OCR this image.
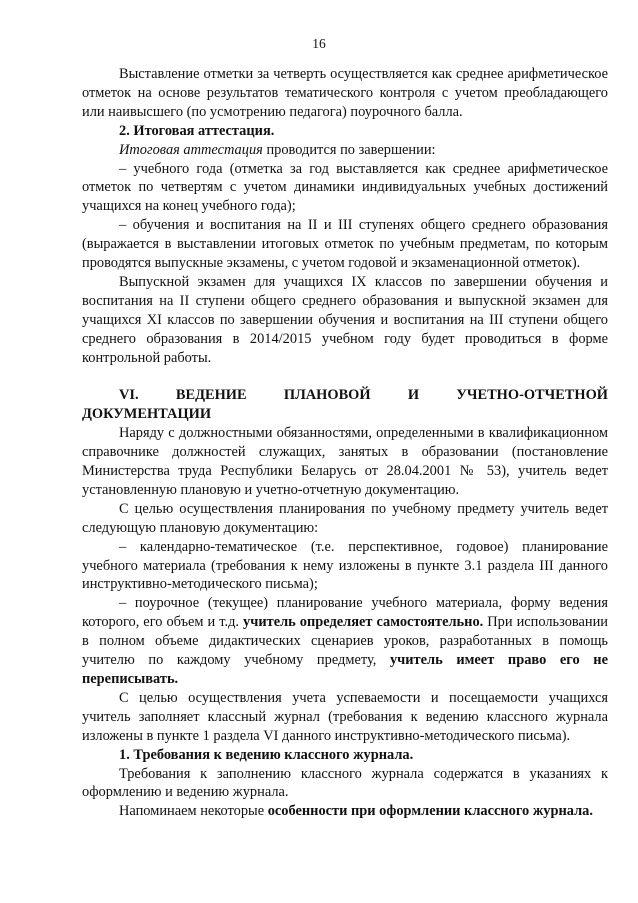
16

Выставление отметки за четверть осуществляется как среднее арифметическое отметок на основе результатов тематического контроля с учетом преобладающего или наивысшего (по усмотрению педагога) поурочного балла.

2. Итоговая аттестация.

Итоговая аттестация проводится по завершении:

– учебного года (отметка за год выставляется как среднее арифметическое отметок по четвертям с учетом динамики индивидуальных учебных достижений учащихся на конец учебного года);

– обучения и воспитания на II и III ступенях общего среднего образования (выражается в выставлении итоговых отметок по учебным предметам, по которым проводятся выпускные экзамены, с учетом годовой и экзаменационной отметок).

Выпускной экзамен для учащихся IX классов по завершении обучения и воспитания на II ступени общего среднего образования и выпускной экзамен для учащихся XI классов по завершении обучения и воспитания на III ступени общего среднего образования в 2014/2015 учебном году будет проводиться в форме контрольной работы.

VI.	ВЕДЕНИЕ	ПЛАНОВОЙ	И	УЧЕТНО-ОТЧЕТНОЙ
ДОКУМЕНТАЦИИ

Наряду с должностными обязанностями, определенными в квалификационном справочнике должностей служащих, занятых в образовании (постановление Министерства труда Республики Беларусь от 28.04.2001 № 53), учитель ведет установленную плановую и учетно-отчетную документацию.

С целью осуществления планирования по учебному предмету учитель ведет следующую плановую документацию:

– календарно-тематическое (т.е. перспективное, годовое) планирование учебного материала (требования к нему изложены в пункте 3.1 раздела III данного инструктивно-методического письма);

– поурочное (текущее) планирование учебного материала, форму ведения которого, его объем и т.д. учитель определяет самостоятельно. При использовании в полном объеме дидактических сценариев уроков, разработанных в помощь учителю по каждому учебному предмету, учитель имеет право его не переписывать.

С целью осуществления учета успеваемости и посещаемости учащихся учитель заполняет классный журнал (требования к ведению классного журнала изложены в пункте 1 раздела VI данного инструктивно-методического письма).

1. Требования к ведению классного журнала.

Требования к заполнению классного журнала содержатся в указаниях к оформлению и ведению журнала.

Напоминаем некоторые особенности при оформлении классного журнала.
